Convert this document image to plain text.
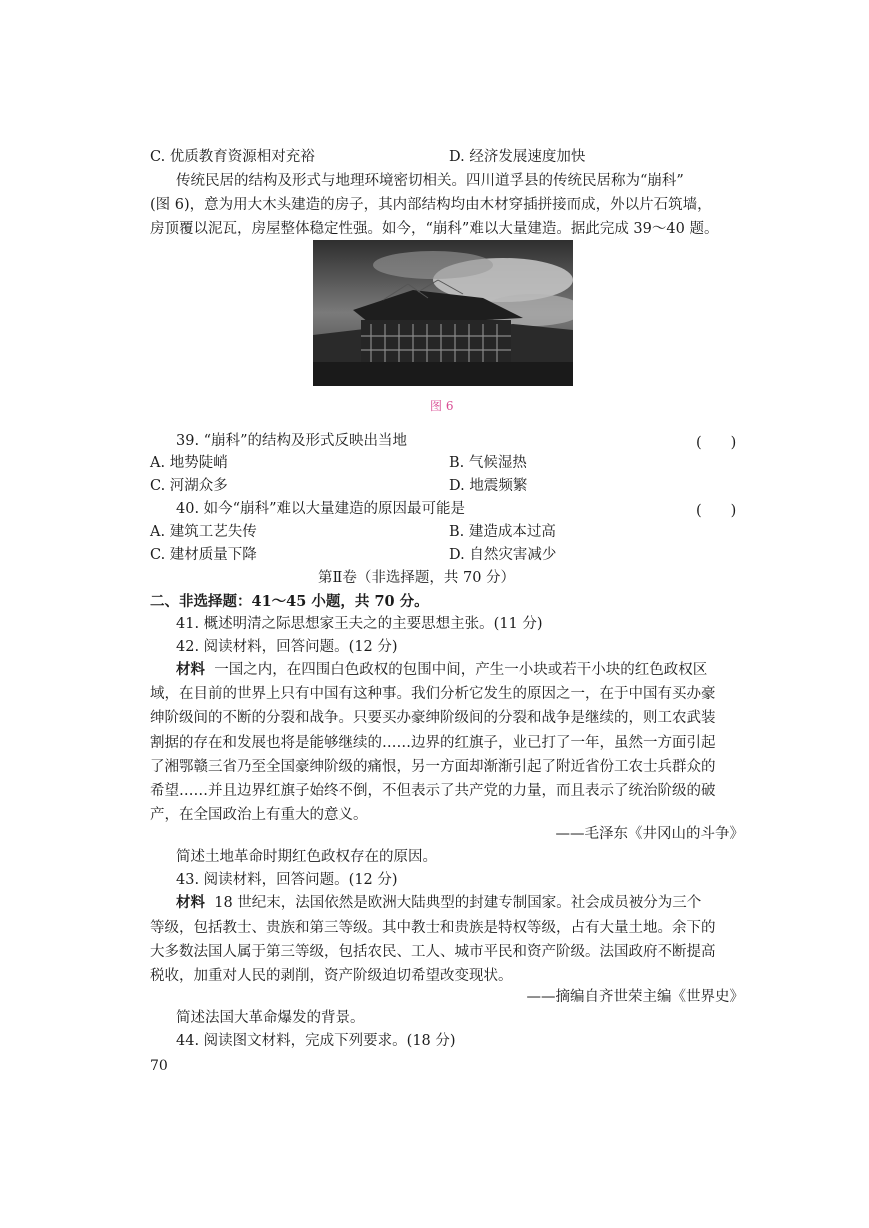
C. 优质教育资源相对充裕	D. 经济发展速度加快
传统民居的结构及形式与地理环境密切相关。四川道孚县的传统民居称为“崩科”
(图 6)，意为用大木头建造的房子，其内部结构均由木材穿插拼接而成，外以片石筑墙，
房顶覆以泥瓦，房屋整体稳定性强。如今，“崩科”难以大量建造。据此完成 39～40 题。
图 6
39. “崩科”的结构及形式反映出当地	(　　)
A. 地势陡峭	B. 气候湿热
C. 河湖众多	D. 地震频繁
40. 如今“崩科”难以大量建造的原因最可能是	(　　)
A. 建筑工艺失传	B. 建造成本过高
C. 建材质量下降	D. 自然灾害减少
第Ⅱ卷（非选择题，共 70 分）
二、非选择题：41～45 小题，共 70 分。
41. 概述明清之际思想家王夫之的主要思想主张。(11 分)
42. 阅读材料，回答问题。(12 分)
材料 一国之内，在四围白色政权的包围中间，产生一小块或若干小块的红色政权区
域，在目前的世界上只有中国有这种事。我们分析它发生的原因之一，在于中国有买办豪
绅阶级间的不断的分裂和战争。只要买办豪绅阶级间的分裂和战争是继续的，则工农武装
割据的存在和发展也将是能够继续的……边界的红旗子，业已打了一年，虽然一方面引起
了湘鄂赣三省乃至全国豪绅阶级的痛恨，另一方面却渐渐引起了附近省份工农士兵群众的
希望……并且边界红旗子始终不倒，不但表示了共产党的力量，而且表示了统治阶级的破
产，在全国政治上有重大的意义。
——毛泽东《井冈山的斗争》
简述土地革命时期红色政权存在的原因。
43. 阅读材料，回答问题。(12 分)
材料 18 世纪末，法国依然是欧洲大陆典型的封建专制国家。社会成员被分为三个
等级，包括教士、贵族和第三等级。其中教士和贵族是特权等级，占有大量土地。余下的
大多数法国人属于第三等级，包括农民、工人、城市平民和资产阶级。法国政府不断提高
税收，加重对人民的剥削，资产阶级迫切希望改变现状。
——摘编自齐世荣主编《世界史》
简述法国大革命爆发的背景。
44. 阅读图文材料，完成下列要求。(18 分)
70
